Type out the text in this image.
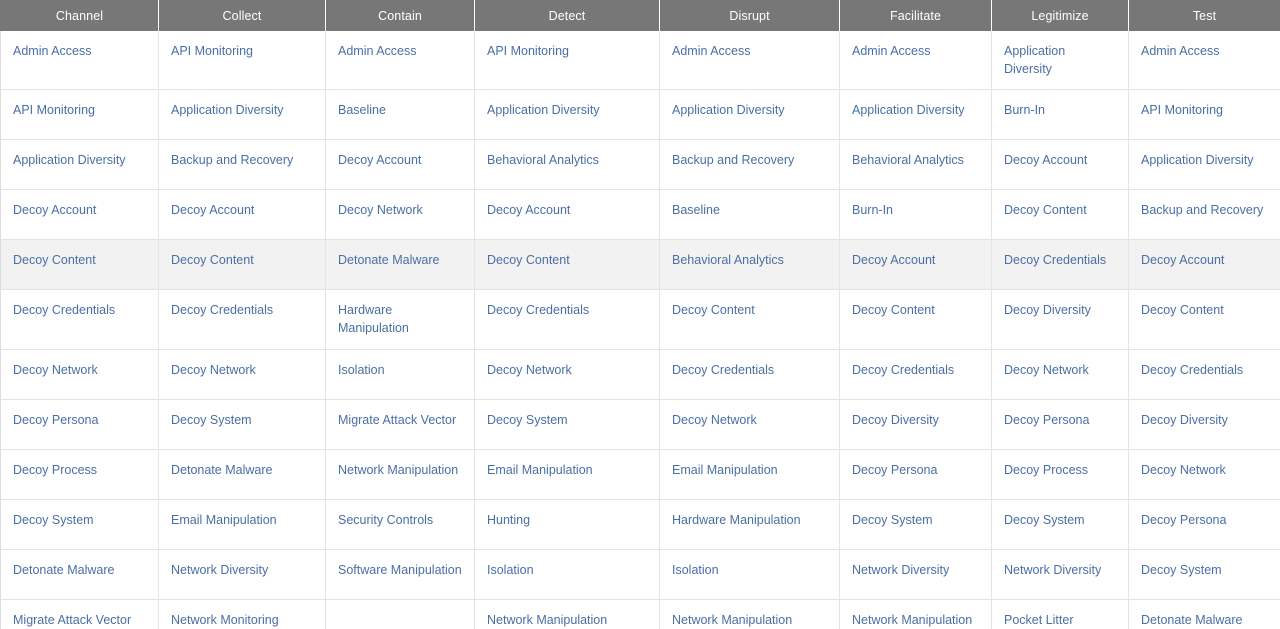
Channel	Collect	Contain	Detect	Disrupt	Facilitate	Legitimize	Test
Admin Access	API Monitoring	Admin Access	API Monitoring	Admin Access	Admin Access	Application Diversity	Admin Access
API Monitoring	Application Diversity	Baseline	Application Diversity	Application Diversity	Application Diversity	Burn-In	API Monitoring
Application Diversity	Backup and Recovery	Decoy Account	Behavioral Analytics	Backup and Recovery	Behavioral Analytics	Decoy Account	Application Diversity
Decoy Account	Decoy Account	Decoy Network	Decoy Account	Baseline	Burn-In	Decoy Content	Backup and Recovery
Decoy Content	Decoy Content	Detonate Malware	Decoy Content	Behavioral Analytics	Decoy Account	Decoy Credentials	Decoy Account
Decoy Credentials	Decoy Credentials	Hardware Manipulation	Decoy Credentials	Decoy Content	Decoy Content	Decoy Diversity	Decoy Content
Decoy Network	Decoy Network	Isolation	Decoy Network	Decoy Credentials	Decoy Credentials	Decoy Network	Decoy Credentials
Decoy Persona	Decoy System	Migrate Attack Vector	Decoy System	Decoy Network	Decoy Diversity	Decoy Persona	Decoy Diversity
Decoy Process	Detonate Malware	Network Manipulation	Email Manipulation	Email Manipulation	Decoy Persona	Decoy Process	Decoy Network
Decoy System	Email Manipulation	Security Controls	Hunting	Hardware Manipulation	Decoy System	Decoy System	Decoy Persona
Detonate Malware	Network Diversity	Software Manipulation	Isolation	Isolation	Network Diversity	Network Diversity	Decoy System
Migrate Attack Vector	Network Monitoring		Network Manipulation	Network Manipulation	Network Manipulation	Pocket Litter	Detonate Malware
